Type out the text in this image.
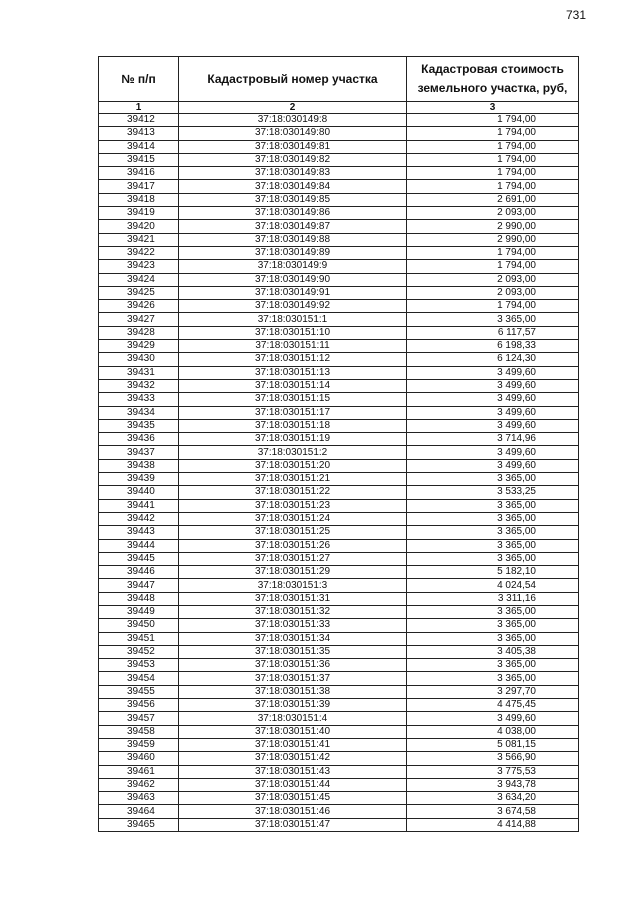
731
№ п/п	Кадастровый номер участка	Кадастровая стоимость земельного участка, руб,
1	2	3
39412	37:18:030149:8	1 794,00
39413	37:18:030149:80	1 794,00
39414	37:18:030149:81	1 794,00
39415	37:18:030149:82	1 794,00
39416	37:18:030149:83	1 794,00
39417	37:18:030149:84	1 794,00
39418	37:18:030149:85	2 691,00
39419	37:18:030149:86	2 093,00
39420	37:18:030149:87	2 990,00
39421	37:18:030149:88	2 990,00
39422	37:18:030149:89	1 794,00
39423	37:18:030149:9	1 794,00
39424	37:18:030149:90	2 093,00
39425	37:18:030149:91	2 093,00
39426	37:18:030149:92	1 794,00
39427	37:18:030151:1	3 365,00
39428	37:18:030151:10	6 117,57
39429	37:18:030151:11	6 198,33
39430	37:18:030151:12	6 124,30
39431	37:18:030151:13	3 499,60
39432	37:18:030151:14	3 499,60
39433	37:18:030151:15	3 499,60
39434	37:18:030151:17	3 499,60
39435	37:18:030151:18	3 499,60
39436	37:18:030151:19	3 714,96
39437	37:18:030151:2	3 499,60
39438	37:18:030151:20	3 499,60
39439	37:18:030151:21	3 365,00
39440	37:18:030151:22	3 533,25
39441	37:18:030151:23	3 365,00
39442	37:18:030151:24	3 365,00
39443	37:18:030151:25	3 365,00
39444	37:18:030151:26	3 365,00
39445	37:18:030151:27	3 365,00
39446	37:18:030151:29	5 182,10
39447	37:18:030151:3	4 024,54
39448	37:18:030151:31	3 311,16
39449	37:18:030151:32	3 365,00
39450	37:18:030151:33	3 365,00
39451	37:18:030151:34	3 365,00
39452	37:18:030151:35	3 405,38
39453	37:18:030151:36	3 365,00
39454	37:18:030151:37	3 365,00
39455	37:18:030151:38	3 297,70
39456	37:18:030151:39	4 475,45
39457	37:18:030151:4	3 499,60
39458	37:18:030151:40	4 038,00
39459	37:18:030151:41	5 081,15
39460	37:18:030151:42	3 566,90
39461	37:18:030151:43	3 775,53
39462	37:18:030151:44	3 943,78
39463	37:18:030151:45	3 634,20
39464	37:18:030151:46	3 674,58
39465	37:18:030151:47	4 414,88
